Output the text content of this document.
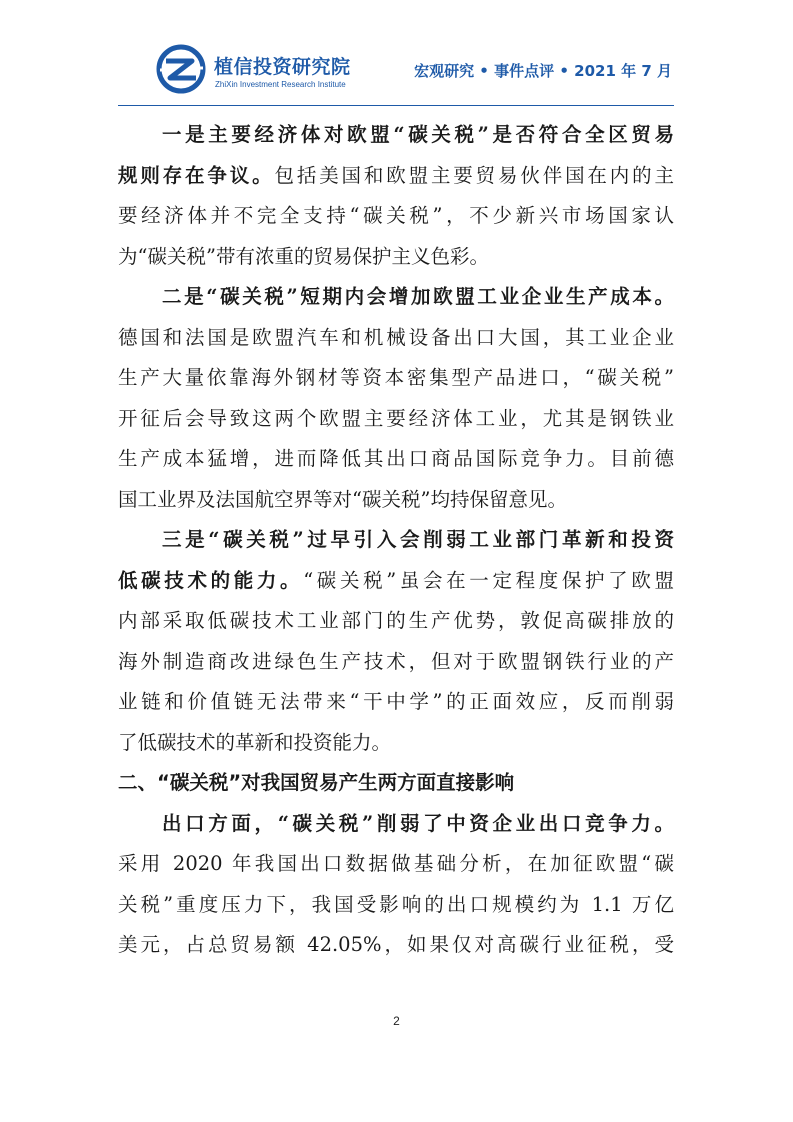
植信投资研究院
ZhiXin Investment Research Institute
宏观研究 • 事件点评 • 2021 年 7 月
一是主要经济体对欧盟“碳关税”是否符合全区贸易
规则存在争议。包括美国和欧盟主要贸易伙伴国在内的主
要经济体并不完全支持“碳关税”，不少新兴市场国家认
为“碳关税”带有浓重的贸易保护主义色彩。
二是“碳关税”短期内会增加欧盟工业企业生产成本。
德国和法国是欧盟汽车和机械设备出口大国，其工业企业
生产大量依靠海外钢材等资本密集型产品进口，“碳关税”
开征后会导致这两个欧盟主要经济体工业，尤其是钢铁业
生产成本猛增，进而降低其出口商品国际竞争力。目前德
国工业界及法国航空界等对“碳关税”均持保留意见。
三是“碳关税”过早引入会削弱工业部门革新和投资
低碳技术的能力。“碳关税”虽会在一定程度保护了欧盟
内部采取低碳技术工业部门的生产优势，敦促高碳排放的
海外制造商改进绿色生产技术，但对于欧盟钢铁行业的产
业链和价值链无法带来“干中学”的正面效应，反而削弱
了低碳技术的革新和投资能力。
二、“碳关税”对我国贸易产生两方面直接影响
出口方面，“碳关税”削弱了中资企业出口竞争力。
采用 2020 年我国出口数据做基础分析，在加征欧盟“碳
关税”重度压力下，我国受影响的出口规模约为 1.1 万亿
美元，占总贸易额 42.05%，如果仅对高碳行业征税，受
2
